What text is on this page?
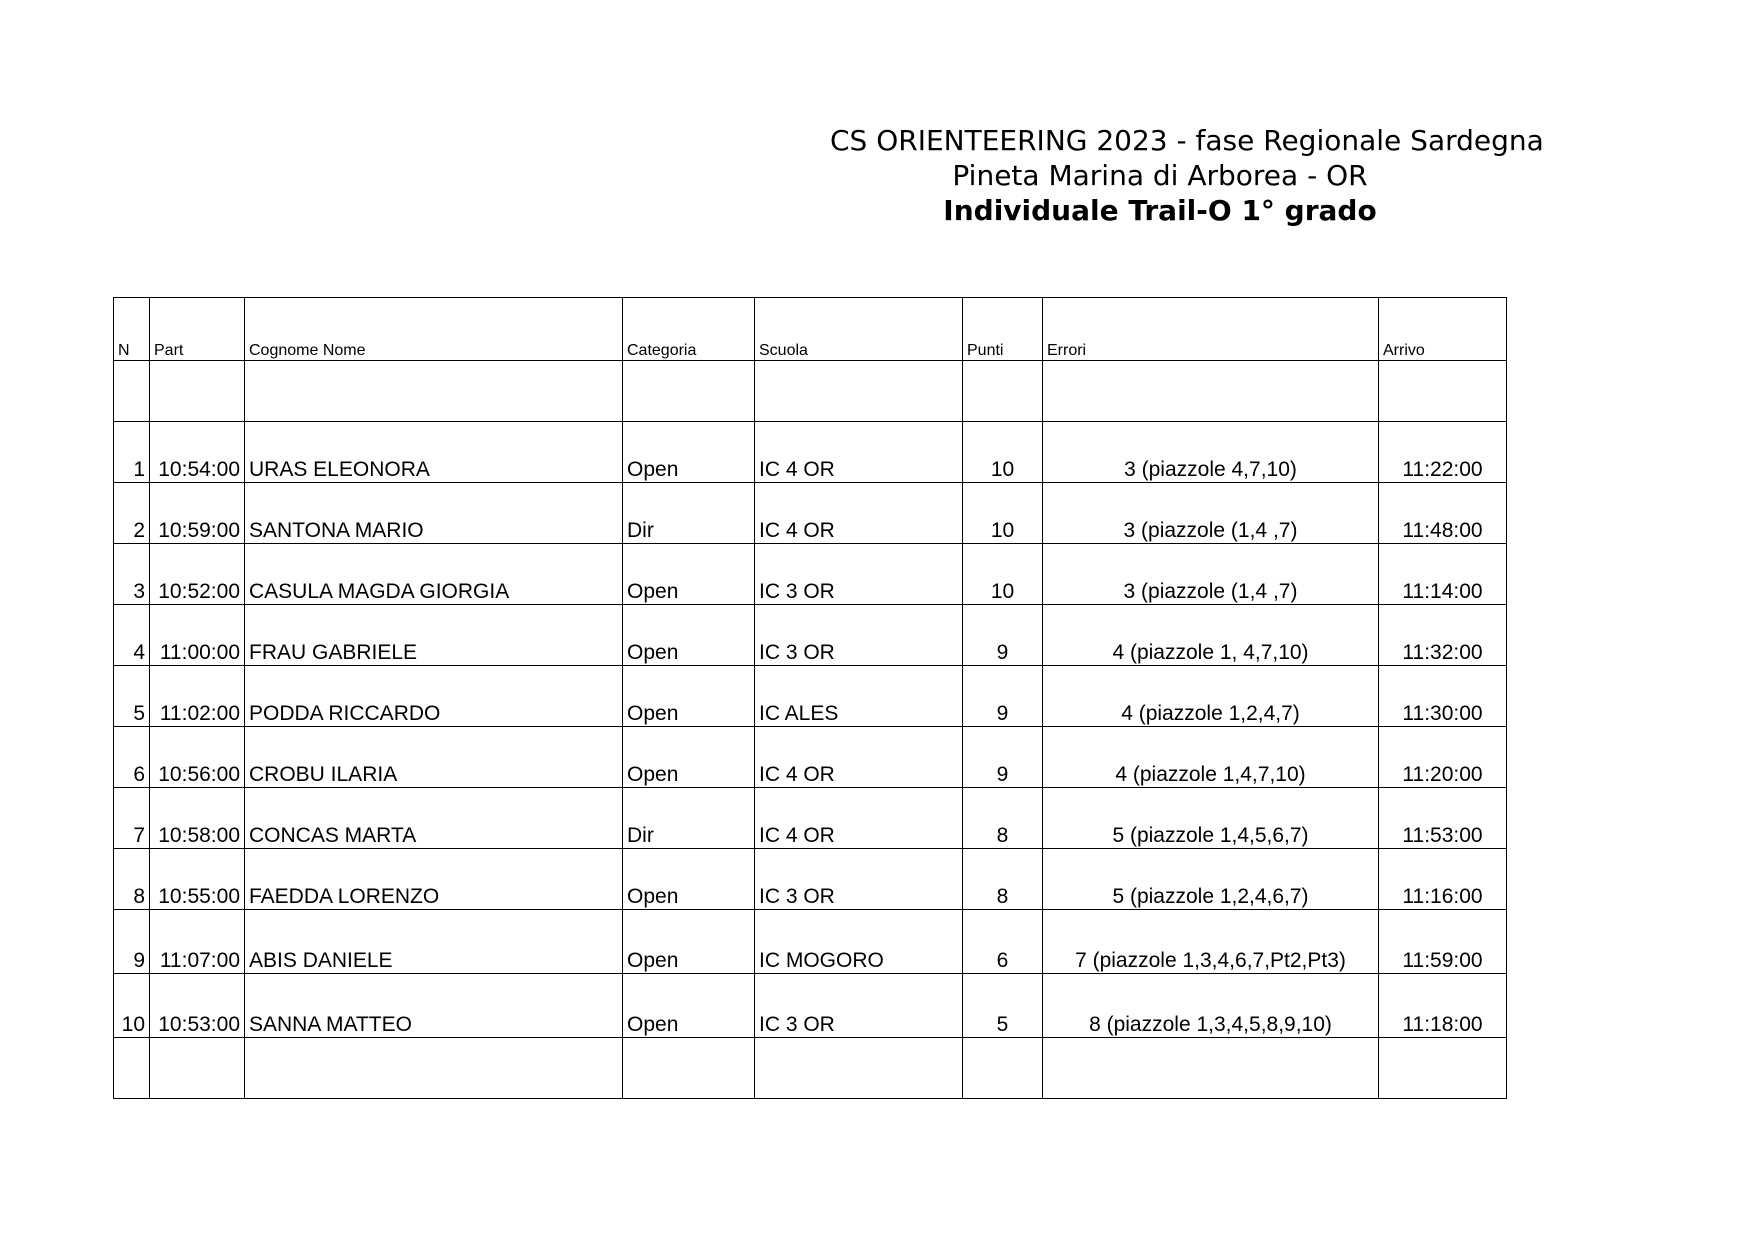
CS ORIENTEERING 2023 - fase Regionale Sardegna
Pineta Marina di Arborea - OR
Individuale Trail-O 1° grado
N	Part	Cognome Nome	Categoria	Scuola	Punti	Errori	Arrivo

1	10:54:00	URAS ELEONORA	Open	IC 4 OR	10	3 (piazzole 4,7,10)	11:22:00
2	10:59:00	SANTONA MARIO	Dir	IC 4 OR	10	3 (piazzole (1,4 ,7)	11:48:00
3	10:52:00	CASULA MAGDA GIORGIA	Open	IC 3 OR	10	3 (piazzole (1,4 ,7)	11:14:00
4	11:00:00	FRAU GABRIELE	Open	IC 3 OR	9	4 (piazzole 1, 4,7,10)	11:32:00
5	11:02:00	PODDA RICCARDO	Open	IC ALES	9	4 (piazzole 1,2,4,7)	11:30:00
6	10:56:00	CROBU ILARIA	Open	IC 4 OR	9	4 (piazzole 1,4,7,10)	11:20:00
7	10:58:00	CONCAS MARTA	Dir	IC 4 OR	8	5 (piazzole 1,4,5,6,7)	11:53:00
8	10:55:00	FAEDDA LORENZO	Open	IC 3 OR	8	5 (piazzole 1,2,4,6,7)	11:16:00
9	11:07:00	ABIS DANIELE	Open	IC MOGORO	6	7 (piazzole 1,3,4,6,7,Pt2,Pt3)	11:59:00
10	10:53:00	SANNA MATTEO	Open	IC 3 OR	5	8 (piazzole 1,3,4,5,8,9,10)	11:18:00
